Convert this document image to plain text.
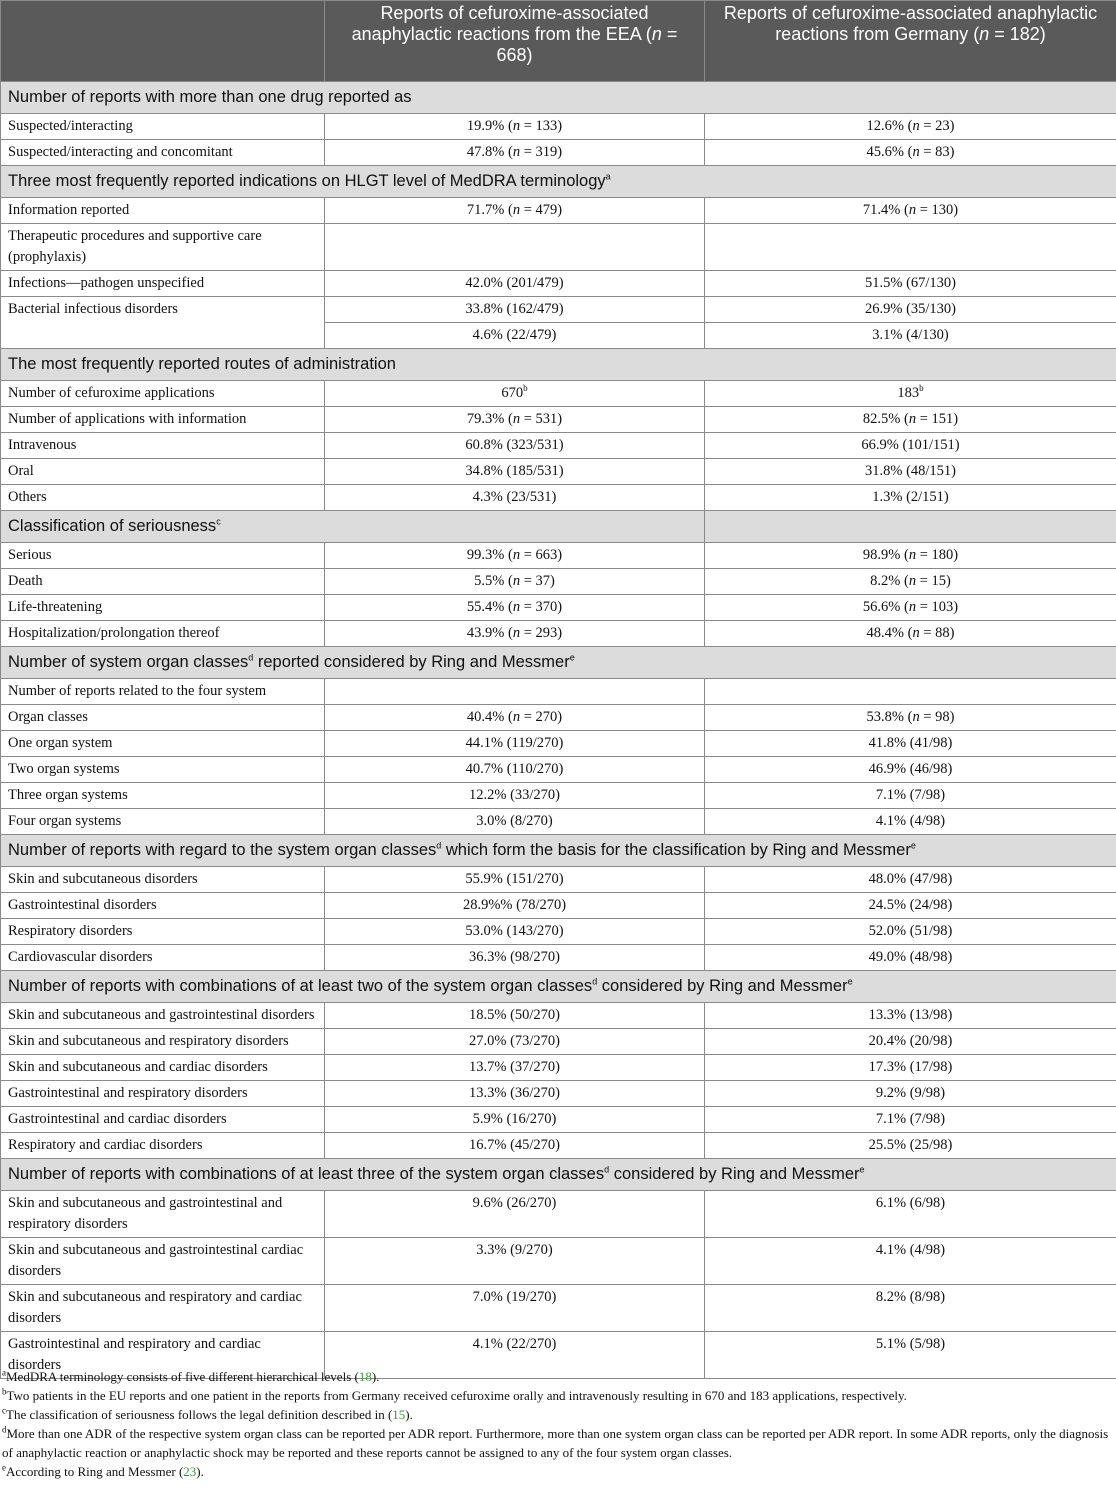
	Reports of cefuroxime-associated anaphylactic reactions from the EEA (n = 668)	Reports of cefuroxime-associated anaphylactic reactions from Germany (n = 182)
Number of reports with more than one drug reported as		
Suspected/interacting	19.9% (n = 133)	12.6% (n = 23)
Suspected/interacting and concomitant	47.8% (n = 319)	45.6% (n = 83)
Three most frequently reported indications on HLGT level of MedDRA terminology$^a$
Information reported	71.7% (n = 479)	71.4% (n = 130)
Therapeutic procedures and supportive care (prophylaxis)		
Infections—pathogen unspecified	42.0% (201/479)	51.5% (67/130)
Bacterial infectious disorders	33.8% (162/479)	26.9% (35/130)
	4.6% (22/479)	3.1% (4/130)
The most frequently reported routes of administration		
Number of cefuroxime applications	670$^b$	183$^b$
Number of applications with information	79.3% (n = 531)	82.5% (n = 151)
Intravenous	60.8% (323/531)	66.9% (101/151)
Oral	34.8% (185/531)	31.8% (48/151)
Others	4.3% (23/531)	1.3% (2/151)
Classification of seriousness$^c$	
Serious	99.3% (n = 663)	98.9% (n = 180)
Death	5.5% (n = 37)	8.2% (n = 15)
Life-threatening	55.4% (n = 370)	56.6% (n = 103)
Hospitalization/prolongation thereof	43.9% (n = 293)	48.4% (n = 88)
Number of system organ classes$^d$ reported considered by Ring and Messmer$^e$
Number of reports related to the four system		
Organ classes	40.4% (n = 270)	53.8% (n = 98)
One organ system	44.1% (119/270)	41.8% (41/98)
Two organ systems	40.7% (110/270)	46.9% (46/98)
Three organ systems	12.2% (33/270)	7.1% (7/98)
Four organ systems	3.0% (8/270)	4.1% (4/98)
Number of reports with regard to the system organ classes$^d$ which form the basis for the classification by Ring and Messmer$^e$
Skin and subcutaneous disorders	55.9% (151/270)	48.0% (47/98)
Gastrointestinal disorders	28.9%% (78/270)	24.5% (24/98)
Respiratory disorders	53.0% (143/270)	52.0% (51/98)
Cardiovascular disorders	36.3% (98/270)	49.0% (48/98)
Number of reports with combinations of at least two of the system organ classes$^d$ considered by Ring and Messmer$^e$
Skin and subcutaneous and gastrointestinal disorders	18.5% (50/270)	13.3% (13/98)
Skin and subcutaneous and respiratory disorders	27.0% (73/270)	20.4% (20/98)
Skin and subcutaneous and cardiac disorders	13.7% (37/270)	17.3% (17/98)
Gastrointestinal and respiratory disorders	13.3% (36/270)	9.2% (9/98)
Gastrointestinal and cardiac disorders	5.9% (16/270)	7.1% (7/98)
Respiratory and cardiac disorders	16.7% (45/270)	25.5% (25/98)
Number of reports with combinations of at least three of the system organ classes$^d$ considered by Ring and Messmer$^e$
Skin and subcutaneous and gastrointestinal and respiratory disorders	9.6% (26/270)	6.1% (6/98)
Skin and subcutaneous and gastrointestinal cardiac disorders	3.3% (9/270)	4.1% (4/98)
Skin and subcutaneous and respiratory and cardiac disorders	7.0% (19/270)	8.2% (8/98)
Gastrointestinal and respiratory and cardiac disorders	4.1% (22/270)	5.1% (5/98)

$^a$MedDRA terminology consists of five different hierarchical levels (18).

$^b$Two patients in the EU reports and one patient in the reports from Germany received cefuroxime orally and intravenously resulting in 670 and 183 applications, respectively.

$^c$The classification of seriousness follows the legal definition described in (15).

$^d$More than one ADR of the respective system organ class can be reported per ADR report. Furthermore, more than one system organ class can be reported per ADR report. In some ADR reports, only the diagnosis of anaphylactic reaction or anaphylactic shock may be reported and these reports cannot be assigned to any of the four system organ classes.

$^e$According to Ring and Messmer (23).
